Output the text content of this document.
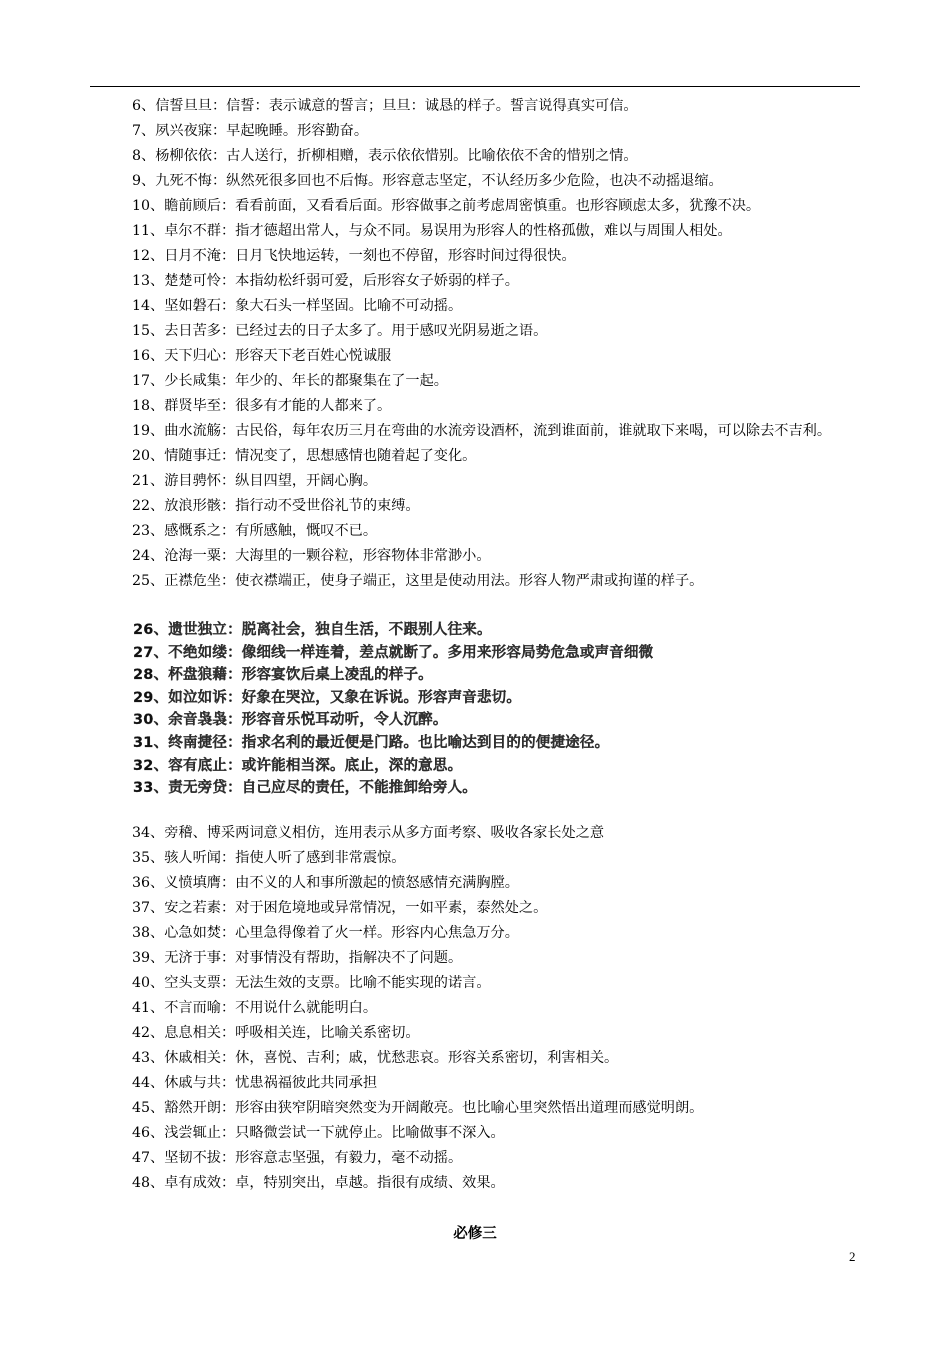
6、信誓旦旦：信誓：表示诚意的誓言；旦旦：诚恳的样子。誓言说得真实可信。

7、夙兴夜寐：早起晚睡。形容勤奋。

8、杨柳依依：古人送行，折柳相赠，表示依依惜别。比喻依依不舍的惜别之情。

9、九死不悔：纵然死很多回也不后悔。形容意志坚定，不认经历多少危险，也决不动摇退缩。

10、瞻前顾后：看看前面，又看看后面。形容做事之前考虑周密慎重。也形容顾虑太多，犹豫不决。

11、卓尔不群：指才德超出常人，与众不同。易误用为形容人的性格孤傲，难以与周围人相处。

12、日月不淹：日月飞快地运转，一刻也不停留，形容时间过得很快。

13、楚楚可怜：本指幼松纤弱可爱，后形容女子娇弱的样子。

14、坚如磐石：象大石头一样坚固。比喻不可动摇。

15、去日苦多：已经过去的日子太多了。用于感叹光阴易逝之语。

16、天下归心：形容天下老百姓心悦诚服

17、少长咸集：年少的、年长的都聚集在了一起。

18、群贤毕至：很多有才能的人都来了。

19、曲水流觞：古民俗，每年农历三月在弯曲的水流旁设酒杯，流到谁面前，谁就取下来喝，可以除去不吉利。

20、情随事迁：情况变了，思想感情也随着起了变化。

21、游目骋怀：纵目四望，开阔心胸。

22、放浪形骸：指行动不受世俗礼节的束缚。

23、感慨系之：有所感触，慨叹不已。

24、沧海一粟：大海里的一颗谷粒，形容物体非常渺小。

25、正襟危坐：使衣襟端正，使身子端正，这里是使动用法。形容人物严肃或拘谨的样子。

26、遗世独立：脱离社会，独自生活，不跟别人往来。

27、不绝如缕：像细线一样连着，差点就断了。多用来形容局势危急或声音细微

28、杯盘狼藉：形容宴饮后桌上凌乱的样子。

29、如泣如诉：好象在哭泣，又象在诉说。形容声音悲切。

30、余音袅袅：形容音乐悦耳动听，令人沉醉。

31、终南捷径：指求名利的最近便是门路。也比喻达到目的的便捷途径。

32、容有底止：或许能相当深。底止，深的意思。

33、责无旁贷：自己应尽的责任，不能推卸给旁人。

34、旁稽、博采两词意义相仿，连用表示从多方面考察、吸收各家长处之意

35、骇人听闻：指使人听了感到非常震惊。

36、义愤填膺：由不义的人和事所激起的愤怒感情充满胸膛。

37、安之若素：对于困危境地或异常情况，一如平素，泰然处之。

38、心急如焚：心里急得像着了火一样。形容内心焦急万分。

39、无济于事：对事情没有帮助，指解决不了问题。

40、空头支票：无法生效的支票。比喻不能实现的诺言。

41、不言而喻：不用说什么就能明白。

42、息息相关：呼吸相关连，比喻关系密切。

43、休戚相关：休，喜悦、吉利；戚，忧愁悲哀。形容关系密切，利害相关。

44、休戚与共：忧患祸福彼此共同承担

45、豁然开朗：形容由狭窄阴暗突然变为开阔敞亮。也比喻心里突然悟出道理而感觉明朗。

46、浅尝辄止：只略微尝试一下就停止。比喻做事不深入。

47、坚韧不拔：形容意志坚强，有毅力，毫不动摇。

48、卓有成效：卓，特别突出，卓越。指很有成绩、效果。

必修三
2
